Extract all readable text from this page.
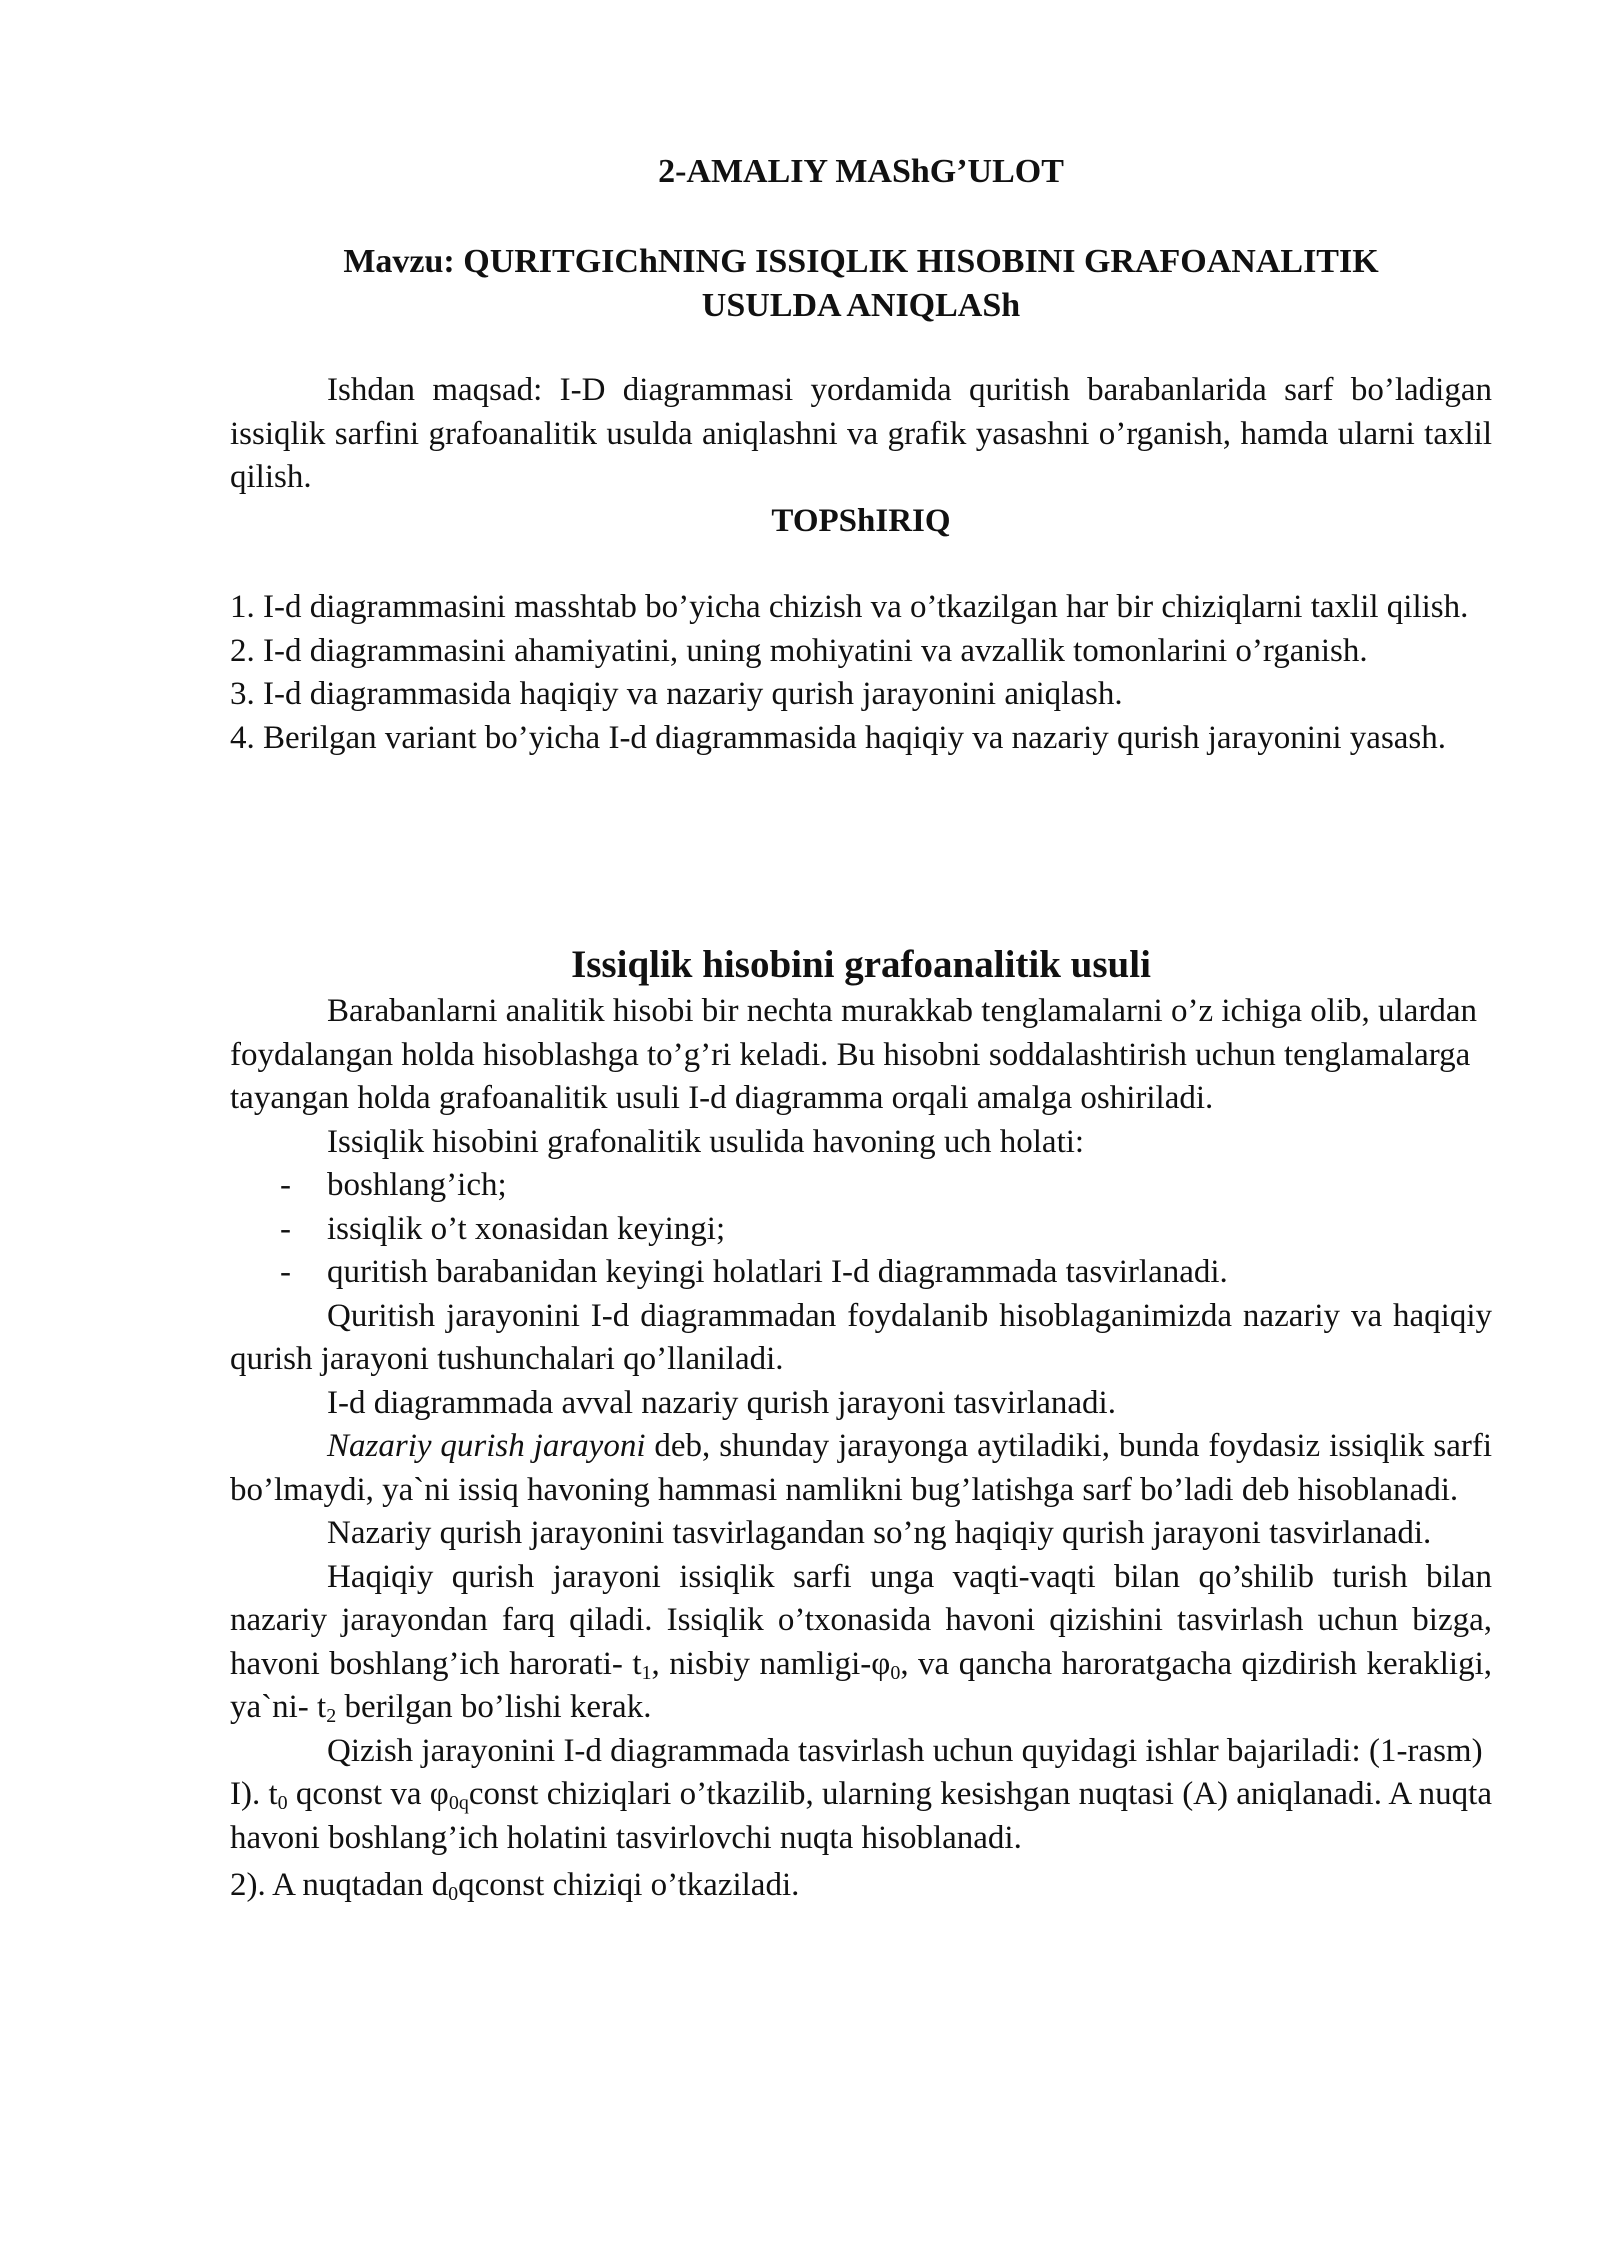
2-AMALIY MAShG’ULOT
Mavzu: QURITGIChNING ISSIQLIK HISOBINI GRAFOANALITIK
USULDA ANIQLASh

Ishdan maqsad: I-D diagrammasi yordamida quritish barabanlarida sarf bo’ladigan issiqlik sarfini grafoanalitik usulda aniqlashni va grafik yasashni o’rganish, hamda ularni taxlil qilish.

TOPShIRIQ

1. I-d diagrammasini masshtab bo’yicha chizish va o’tkazilgan har bir chiziqlarni taxlil qilish.

2. I-d diagrammasini ahamiyatini, uning mohiyatini va avzallik tomonlarini o’rganish.

3. I-d diagrammasida haqiqiy va nazariy qurish jarayonini aniqlash.

4. Berilgan variant bo’yicha I-d diagrammasida haqiqiy va nazariy qurish jarayonini yasash.

Issiqlik hisobini grafoanalitik usuli

Barabanlarni analitik hisobi bir nechta murakkab tenglamalarni o’z ichiga olib, ulardan foydalangan holda hisoblashga to’g’ri keladi. Bu hisobni soddalashtirish uchun tenglamalarga tayangan holda grafoanalitik usuli I-d diagramma orqali amalga oshiriladi.

Issiqlik hisobini grafonalitik usulida havoning uch holati:

- boshlang’ich;
- issiqlik o’t xonasidan keyingi;
- quritish barabanidan keyingi holatlari I-d diagrammada tasvirlanadi.

Quritish jarayonini I-d diagrammadan foydalanib hisoblaganimizda nazariy va haqiqiy qurish jarayoni tushunchalari qo’llaniladi.

I-d diagrammada avval nazariy qurish jarayoni tasvirlanadi.

Nazariy qurish jarayoni deb, shunday jarayonga aytiladiki, bunda foydasiz issiqlik sarfi bo’lmaydi, ya`ni issiq havoning hammasi namlikni bug’latishga sarf bo’ladi deb hisoblanadi.

Nazariy qurish jarayonini tasvirlagandan so’ng haqiqiy qurish jarayoni tasvirlanadi.

Haqiqiy qurish jarayoni issiqlik sarfi unga vaqti-vaqti bilan qo’shilib turish bilan nazariy jarayondan farq qiladi. Issiqlik o’txonasida havoni qizishini tasvirlash uchun bizga, havoni boshlang’ich harorati- $t_1$, nisbiy namligi-$\varphi_0$, va qancha haroratgacha qizdirish kerakligi, ya`ni- $t_2$ berilgan bo’lishi kerak.

Qizish jarayonini I-d diagrammada tasvirlash uchun quyidagi ishlar bajariladi: (1-rasm)

I). $t_0$ qconst va $\varphi_{0q}const$ chiziqlari o’tkazilib, ularning kesishgan nuqtasi (A) aniqlanadi. A nuqta havoni boshlang’ich holatini tasvirlovchi nuqta hisoblanadi.

2). A nuqtadan $d_0qconst$ chiziqi o’tkaziladi.
